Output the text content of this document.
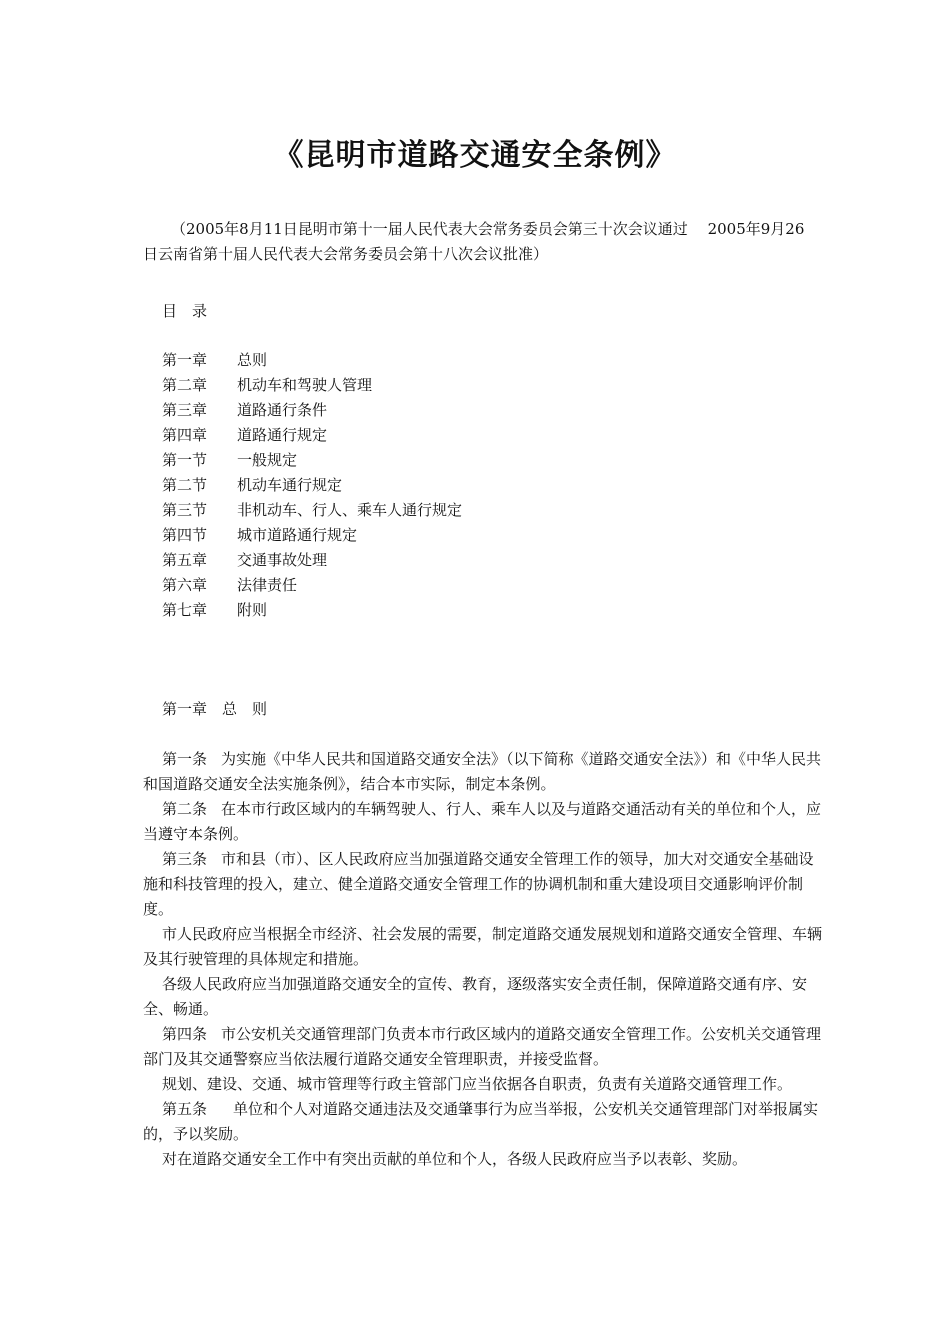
《昆明市道路交通安全条例》
（2005年8月11日昆明市第十一届人民代表大会常务委员会第三十次会议通过　 2005年9月26日云南省第十届人民代表大会常务委员会第十八次会议批准）
目　录
第一章 总则
第二章 机动车和驾驶人管理
第三章 道路通行条件
第四章 道路通行规定
第一节 一般规定
第二节 机动车通行规定
第三节 非机动车、行人、乘车人通行规定
第四节 城市道路通行规定
第五章 交通事故处理
第六章 法律责任
第七章 附则
第一章　总　则

第一条 为实施《中华人民共和国道路交通安全法》（以下简称《道路交通安全法》）和《中华人民共和国道路交通安全法实施条例》，结合本市实际，制定本条例。

第二条 在本市行政区域内的车辆驾驶人、行人、乘车人以及与道路交通活动有关的单位和个人，应当遵守本条例。

第三条 市和县（市）、区人民政府应当加强道路交通安全管理工作的领导，加大对交通安全基础设施和科技管理的投入，建立、健全道路交通安全管理工作的协调机制和重大建设项目交通影响评价制度。

市人民政府应当根据全市经济、社会发展的需要，制定道路交通发展规划和道路交通安全管理、车辆及其行驶管理的具体规定和措施。

各级人民政府应当加强道路交通安全的宣传、教育，逐级落实安全责任制，保障道路交通有序、安全、畅通。

第四条 市公安机关交通管理部门负责本市行政区域内的道路交通安全管理工作。公安机关交通管理部门及其交通警察应当依法履行道路交通安全管理职责，并接受监督。

规划、建设、交通、城市管理等行政主管部门应当依据各自职责，负责有关道路交通管理工作。

第五条 单位和个人对道路交通违法及交通肇事行为应当举报，公安机关交通管理部门对举报属实的，予以奖励。

对在道路交通安全工作中有突出贡献的单位和个人，各级人民政府应当予以表彰、奖励。
